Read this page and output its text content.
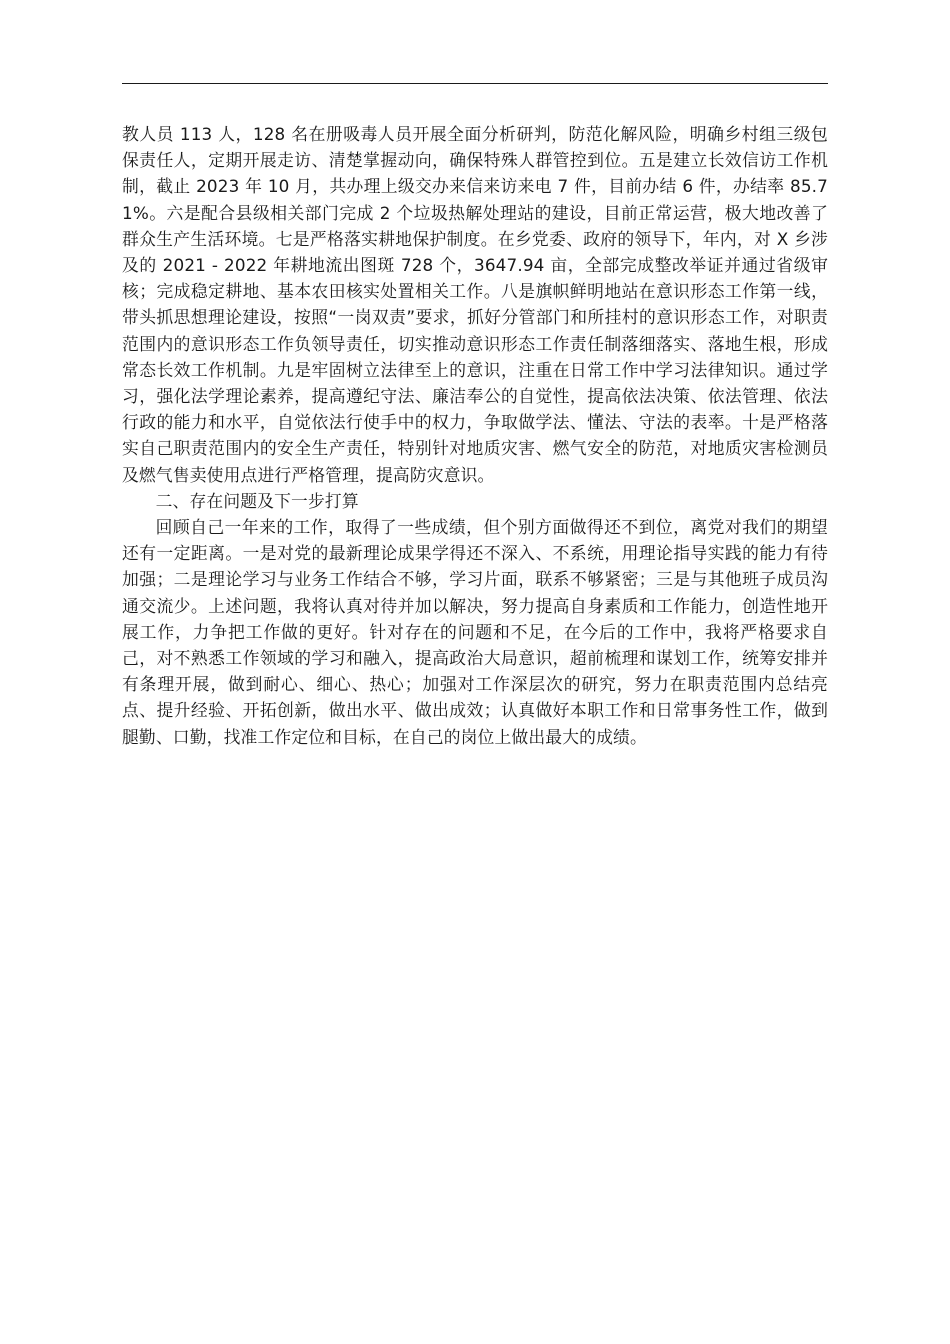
教人员 113 人，128 名在册吸毒人员开展全面分析研判，防范化解风险，明确乡村组三级包保责任人，定期开展走访、清楚掌握动向，确保特殊人群管控到位。五是建立长效信访工作机制，截止 2023 年 10 月，共办理上级交办来信来访来电 7 件，目前办结 6 件，办结率 85.71%。六是配合县级相关部门完成 2 个垃圾热解处理站的建设，目前正常运营，极大地改善了群众生产生活环境。七是严格落实耕地保护制度。在乡党委、政府的领导下，年内，对 X 乡涉及的 2021 - 2022 年耕地流出图斑 728 个，3647.94 亩，全部完成整改举证并通过省级审核；完成稳定耕地、基本农田核实处置相关工作。八是旗帜鲜明地站在意识形态工作第一线，带头抓思想理论建设，按照“一岗双责”要求，抓好分管部门和所挂村的意识形态工作，对职责范围内的意识形态工作负领导责任，切实推动意识形态工作责任制落细落实、落地生根，形成常态长效工作机制。九是牢固树立法律至上的意识，注重在日常工作中学习法律知识。通过学习，强化法学理论素养，提高遵纪守法、廉洁奉公的自觉性，提高依法决策、依法管理、依法行政的能力和水平，自觉依法行使手中的权力，争取做学法、懂法、守法的表率。十是严格落实自己职责范围内的安全生产责任，特别针对地质灾害、燃气安全的防范，对地质灾害检测员及燃气售卖使用点进行严格管理，提高防灾意识。

二、存在问题及下一步打算

回顾自己一年来的工作，取得了一些成绩，但个别方面做得还不到位，离党对我们的期望还有一定距离。一是对党的最新理论成果学得还不深入、不系统，用理论指导实践的能力有待加强；二是理论学习与业务工作结合不够，学习片面，联系不够紧密；三是与其他班子成员沟通交流少。上述问题，我将认真对待并加以解决，努力提高自身素质和工作能力，创造性地开展工作，力争把工作做的更好。针对存在的问题和不足，在今后的工作中，我将严格要求自己，对不熟悉工作领域的学习和融入，提高政治大局意识，超前梳理和谋划工作，统筹安排并有条理开展，做到耐心、细心、热心；加强对工作深层次的研究，努力在职责范围内总结亮点、提升经验、开拓创新，做出水平、做出成效；认真做好本职工作和日常事务性工作，做到腿勤、口勤，找准工作定位和目标，在自己的岗位上做出最大的成绩。
